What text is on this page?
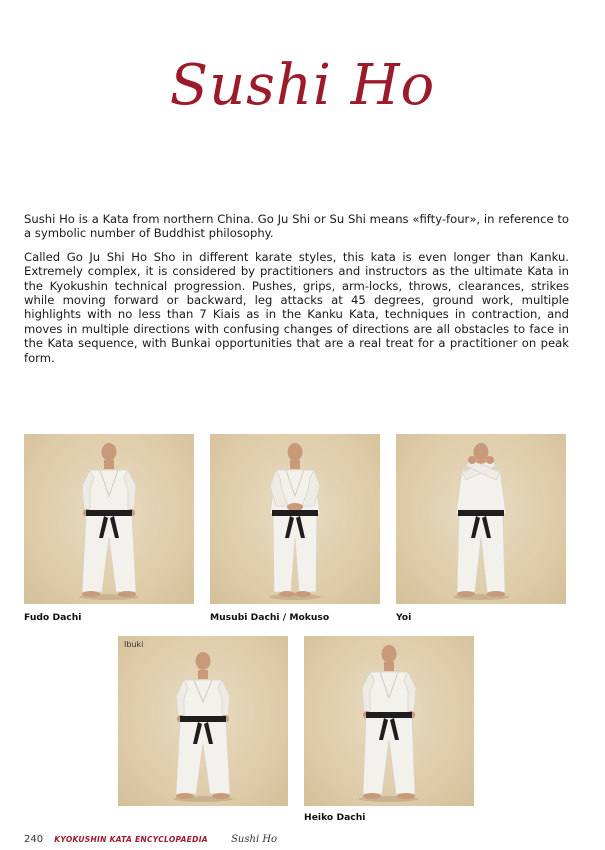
Sushi Ho

Sushi Ho is a Kata from northern China. Go Ju Shi or Su Shi means «fifty-four», in reference to a symbolic number of Buddhist philosophy.

Called Go Ju Shi Ho Sho in different karate styles, this kata is even longer than Kanku. Extremely complex, it is considered by practitioners and instructors as the ultimate Kata in the Kyokushin technical progression. Pushes, grips, arm-locks, throws, clearances, strikes while moving forward or backward, leg attacks at 45 degrees, ground work, multiple highlights with no less than 7 Kiais as in the Kanku Kata, techniques in contraction, and moves in multiple directions with confusing changes of directions are all obstacles to face in the Kata sequence, with Bunkai opportunities that are a real treat for a practitioner on peak form.

Fudo Dachi	Musubi Dachi / Mokuso	Yoi
Ibuki
Heiko Dachi
240 KYOKUSHIN KATA ENCYCLOPAEDIA Sushi Ho
